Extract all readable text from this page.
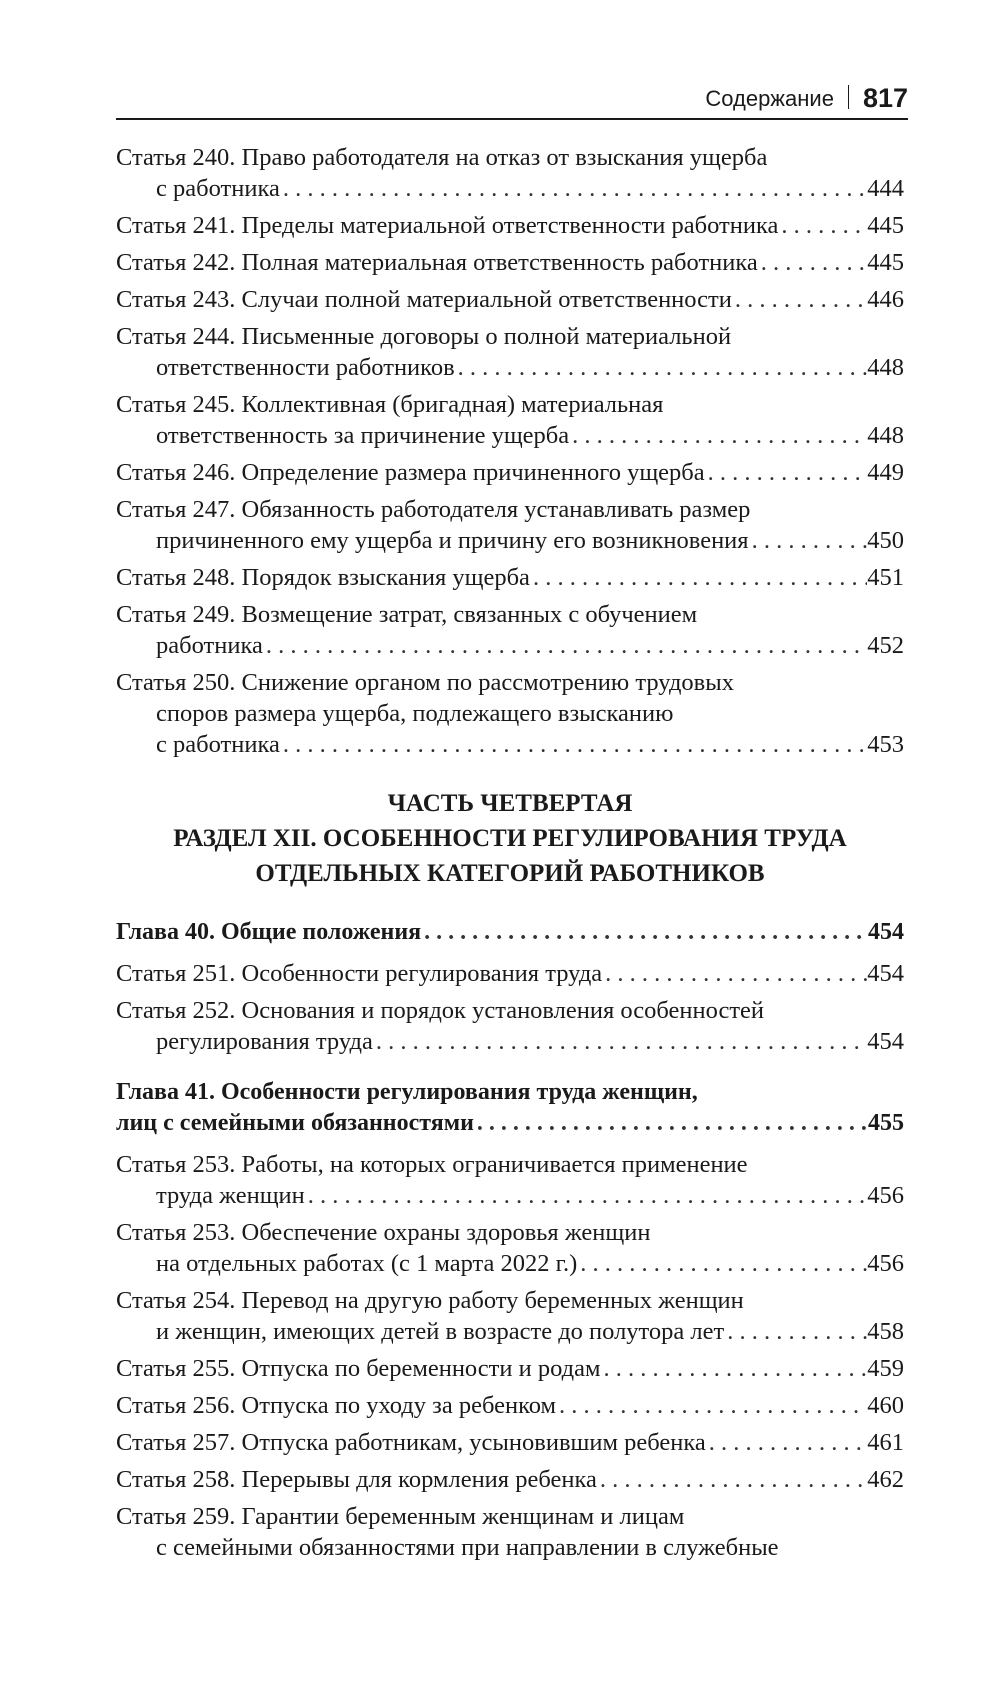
Содержание 817
Статья 240. Право работодателя на отказ от взыскания ущерба
с работника . . .	444
Статья 241. Пределы материальной ответственности работника . . .	445
Статья 242. Полная материальная ответственность работника . . .	445
Статья 243. Случаи полной материальной ответственности . . .	446
Статья 244. Письменные договоры о полной материальной
ответственности работников . . .	448
Статья 245. Коллективная (бригадная) материальная
ответственность за причинение ущерба . . .	448
Статья 246. Определение размера причиненного ущерба . . .	449
Статья 247. Обязанность работодателя устанавливать размер
причиненного ему ущерба и причину его возникновения . . .	450
Статья 248. Порядок взыскания ущерба . . .	451
Статья 249. Возмещение затрат, связанных с обучением
работника . . .	452
Статья 250. Снижение органом по рассмотрению трудовых
споров размера ущерба, подлежащего взысканию
с работника . . .	453
ЧАСТЬ ЧЕТВЕРТАЯ
РАЗДЕЛ XII. ОСОБЕННОСТИ РЕГУЛИРОВАНИЯ ТРУДА
ОТДЕЛЬНЫХ КАТЕГОРИЙ РАБОТНИКОВ
Глава 40. Общие положения . . .	454
Статья 251. Особенности регулирования труда . . .	454
Статья 252. Основания и порядок установления особенностей
регулирования труда . . .	454
Глава 41. Особенности регулирования труда женщин,
лиц с семейными обязанностями . . .	455
Статья 253. Работы, на которых ограничивается применение
труда женщин . . .	456
Статья 253. Обеспечение охраны здоровья женщин
на отдельных работах (с 1 марта 2022 г.) . . .	456
Статья 254. Перевод на другую работу беременных женщин
и женщин, имеющих детей в возрасте до полутора лет . . .	458
Статья 255. Отпуска по беременности и родам . . .	459
Статья 256. Отпуска по уходу за ребенком . . .	460
Статья 257. Отпуска работникам, усыновившим ребенка . . .	461
Статья 258. Перерывы для кормления ребенка . . .	462
Статья 259. Гарантии беременным женщинам и лицам
с семейными обязанностями при направлении в служебные
